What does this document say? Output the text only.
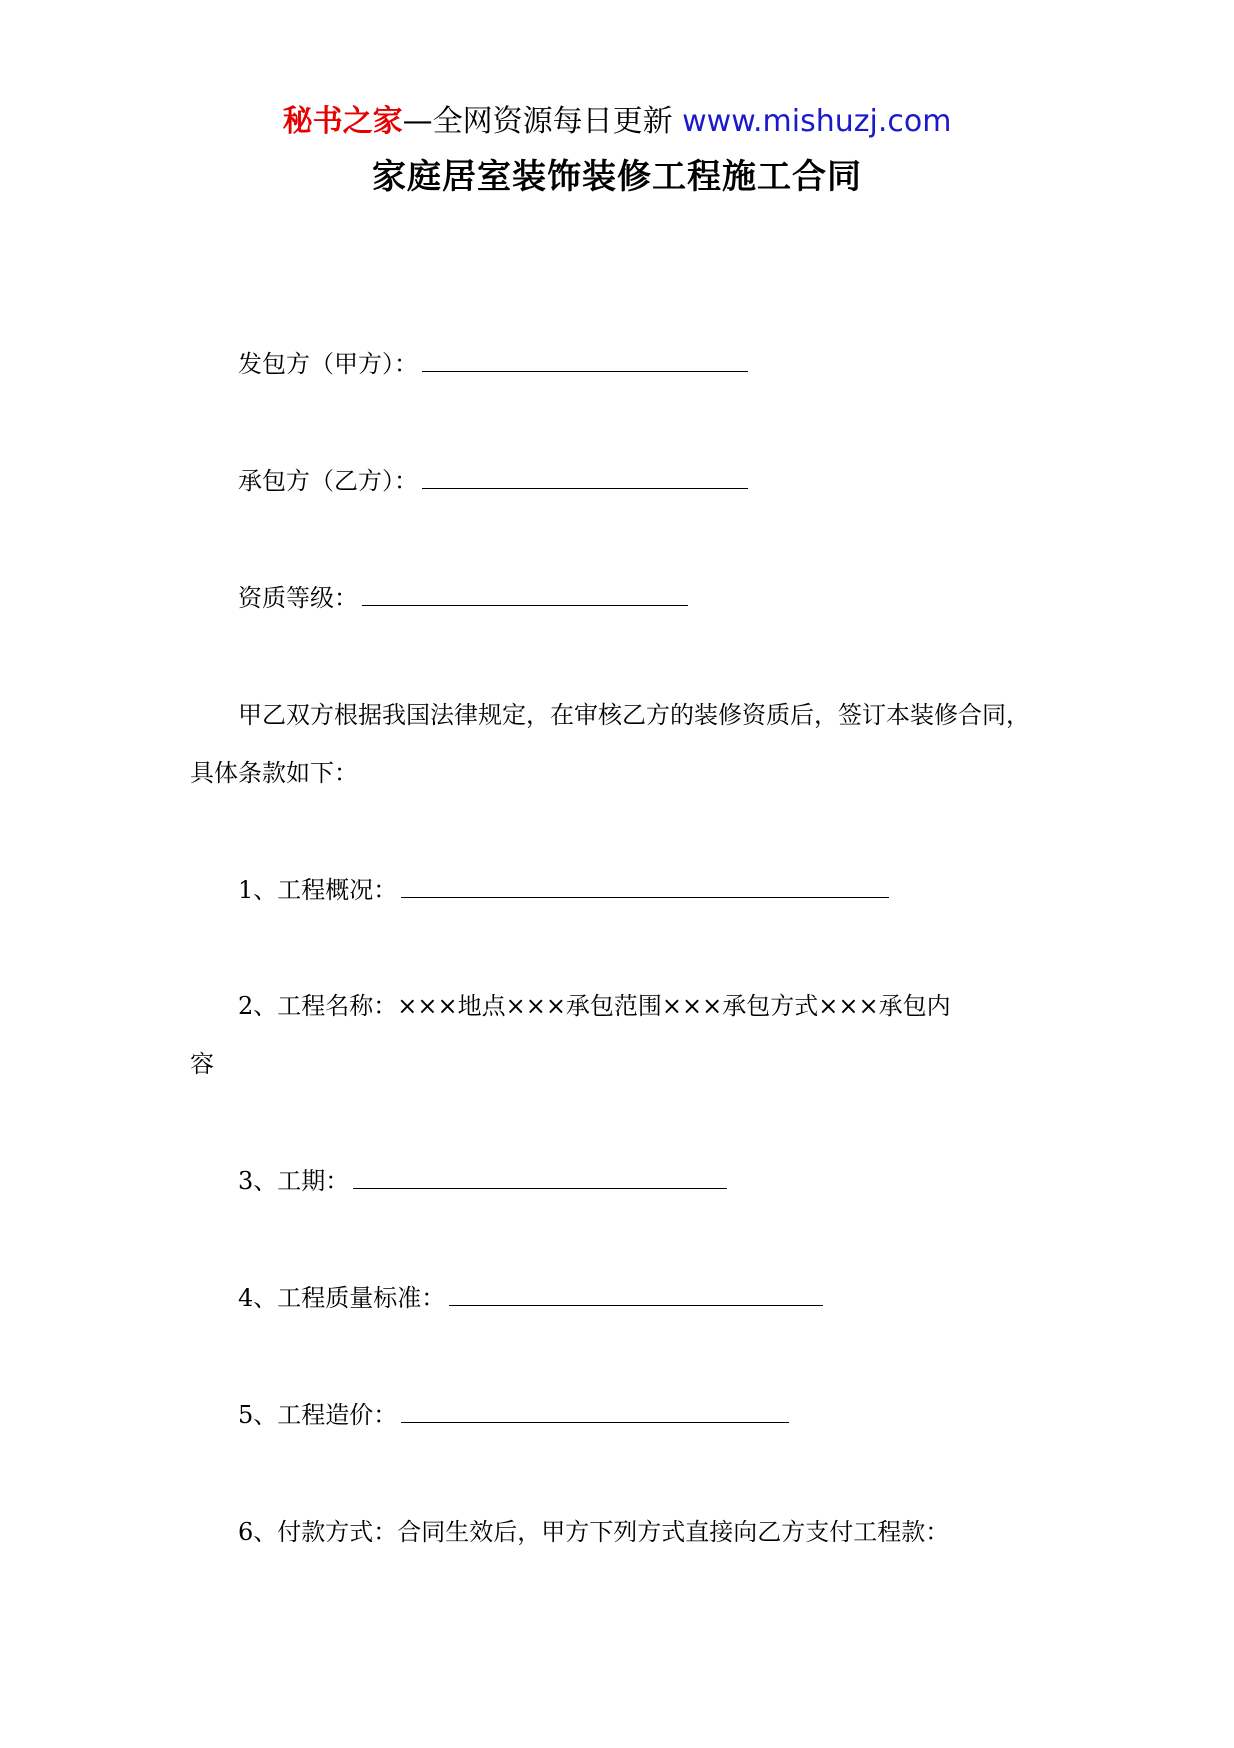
秘书之家—全网资源每日更新 www.mishuzj.com
家庭居室装饰装修工程施工合同
发包方（甲方）：
承包方（乙方）：
资质等级：
甲乙双方根据我国法律规定，在审核乙方的装修资质后，签订本装修合同，
具体条款如下：
1、工程概况：
2、工程名称：×××地点×××承包范围×××承包方式×××承包内
容
3、工期：
4、工程质量标准：
5、工程造价：
6、付款方式：合同生效后，甲方下列方式直接向乙方支付工程款：
